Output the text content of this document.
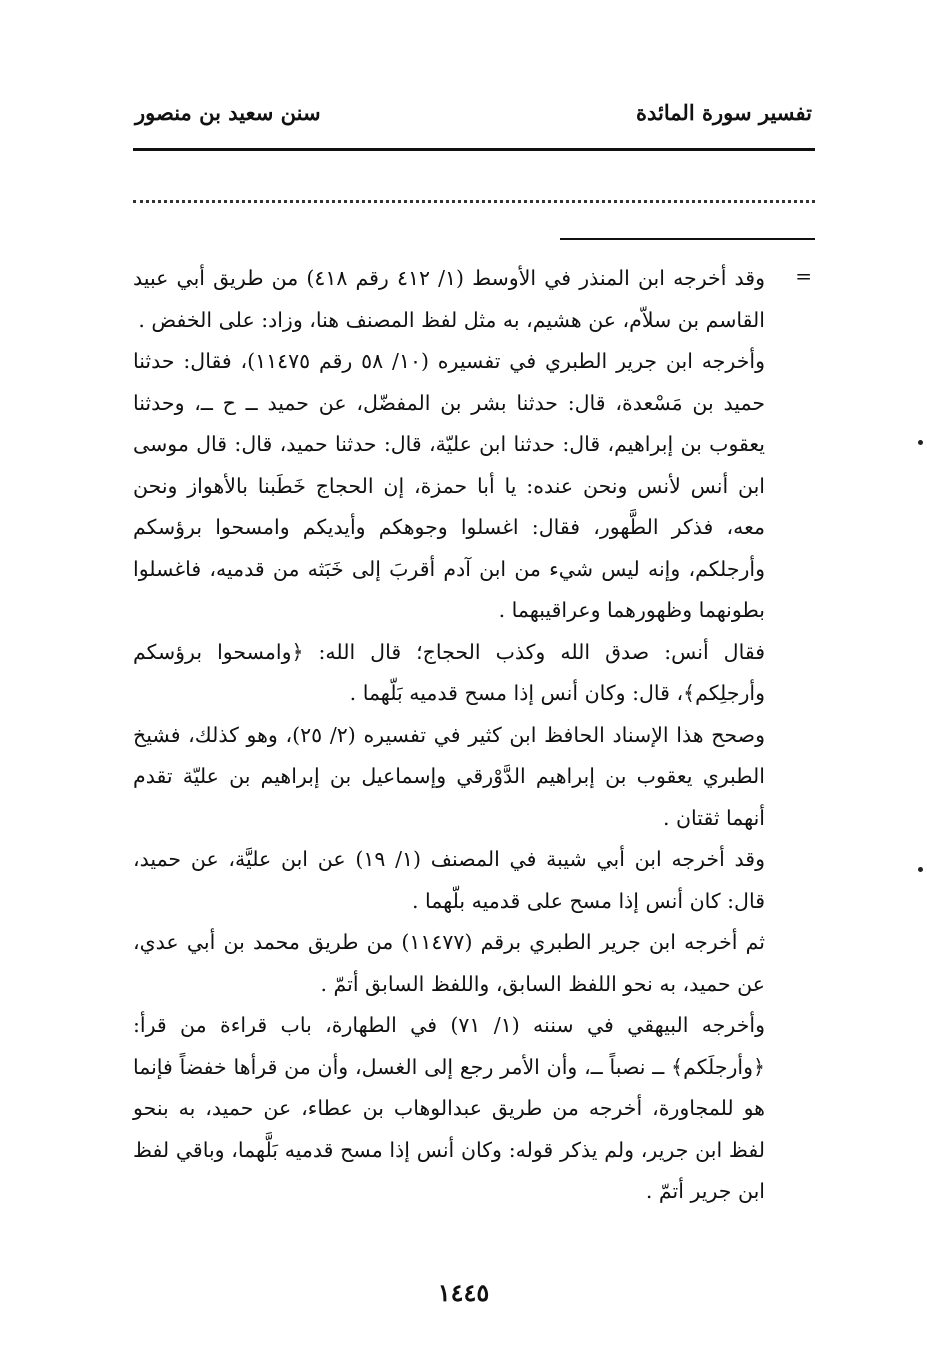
تفسير سورة المائدة
سنن سعيد بن منصور
=

وقد أخرجه ابن المنذر في الأوسط (١/ ٤١٢ رقم ٤١٨) من طريق أبي عبيد القاسم بن سلاّم، عن هشيم، به مثل لفظ المصنف هنا، وزاد: على الخفض .

وأخرجه ابن جرير الطبري في تفسيره (١٠/ ٥٨ رقم ١١٤٧٥)، فقال: حدثنا حميد بن مَسْعدة، قال: حدثنا بشر بن المفضّل، عن حميد ــ ح ــ، وحدثنا يعقوب بن إبراهيم، قال: حدثنا ابن عليّة، قال: حدثنا حميد، قال: قال موسى ابن أنس لأنس ونحن عنده: يا أبا حمزة، إن الحجاج خَطَبنا بالأهواز ونحن معه، فذكر الطَّهور، فقال: اغسلوا وجوهكم وأيديكم وامسحوا برؤسكم وأرجلكم، وإنه ليس شيء من ابن آدم أقربَ إلى خَبَثه من قدميه، فاغسلوا بطونهما وظهورهما وعراقيبهما .

فقال أنس: صدق الله وكذب الحجاج؛ قال الله: ﴿وامسحوا برؤسكم وأرجلِكم﴾، قال: وكان أنس إذا مسح قدميه بَلّهما .

وصحح هذا الإسناد الحافظ ابن كثير في تفسيره (٢/ ٢٥)، وهو كذلك، فشيخ الطبري يعقوب بن إبراهيم الدَّوْرقي وإسماعيل بن إبراهيم بن عليّة تقدم أنهما ثقتان .

وقد أخرجه ابن أبي شيبة في المصنف (١/ ١٩) عن ابن عليَّة، عن حميد، قال: كان أنس إذا مسح على قدميه بلّهما .

ثم أخرجه ابن جرير الطبري برقم (١١٤٧٧) من طريق محمد بن أبي عدي، عن حميد، به نحو اللفظ السابق، واللفظ السابق أتمّ .

وأخرجه البيهقي في سننه (١/ ٧١) في الطهارة، باب قراءة من قرأ: ﴿وأرجلَكم﴾ ــ نصباً ــ، وأن الأمر رجع إلى الغسل، وأن من قرأها خفضاً فإنما هو للمجاورة، أخرجه من طريق عبدالوهاب بن عطاء، عن حميد، به بنحو لفظ ابن جرير، ولم يذكر قوله: وكان أنس إذا مسح قدميه بَلَّهما، وباقي لفظ ابن جرير أتمّ .

١٤٤٥
